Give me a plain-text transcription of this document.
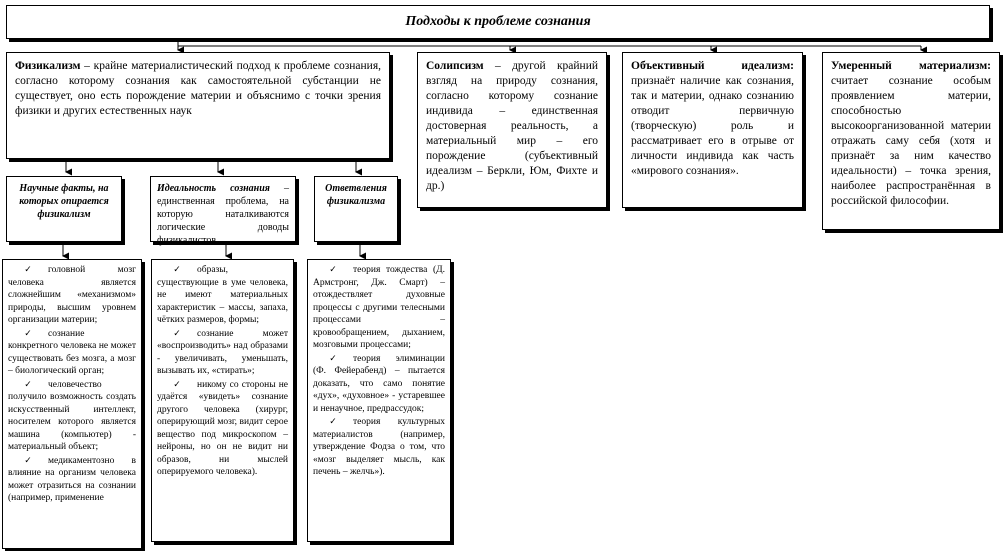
Подходы к проблеме сознания
Физикализм – крайне материалистический подход к проблеме сознания, согласно которому сознания как самостоятельной субстанции не существует, оно есть порождение материи и объяснимо с точки зрения физики и других естественных наук
Солипсизм – другой крайний взгляд на природу сознания, согласно которому сознание индивида – единственная достоверная реальность, а материальный мир – его порождение (субъективный идеализм – Беркли, Юм, Фихте и др.)
Объективный идеализм: признаёт наличие как сознания, так и материи, однако сознанию отводит первичную (творческую) роль и рассматривает его в отрыве от личности индивида как часть «мирового сознания».
Умеренный материализм: считает сознание особым проявлением материи, способностью высокоорганизованной материи отражать саму себя (хотя и признаёт за ним качество идеальности) – точка зрения, наиболее распространённая в российской философии.
Научные факты, на которых опирается физикализм
Идеальность сознания – единственная проблема, на которую наталкиваются логические доводы физикалистов
Ответвления физикализма
✓ головной мозг человека является сложнейшим «механизмом» природы, высшим уровнем организации материи;
✓ сознание конкретного человека не может существовать без мозга, а мозг – биологический орган;
✓ человечество получило возможность создать искусственный интеллект, носителем которого является машина (компьютер) - материальный объект;
✓ медикаментозно в влияние на организм человека может отразиться на сознании (например, применение
✓ образы, существующие в уме человека, не имеют материальных характеристик – массы, запаха, чётких размеров, формы;
✓ сознание может «воспроизводить» над образами - увеличивать, уменьшать, вызывать их, «стирать»;
✓ никому со стороны не удаётся «увидеть» сознание другого человека (хирург, оперирующий мозг, видит серое вещество под микроскопом – нейроны, но он не видит ни образов, ни мыслей оперируемого человека).
✓ теория тождества (Д. Армстронг, Дж. Смарт) – отождествляет духовные процессы с другими телесными процессами – кровообращением, дыханием, мозговыми процессами;
✓ теория элиминации (Ф. Фейерабенд) – пытается доказать, что само понятие «дух», «духовное» - устаревшее и ненаучное, предрассудок;
✓ теория культурных материалистов (например, утверждение Фодза о том, что «мозг выделяет мысль, как печень – желчь»).
